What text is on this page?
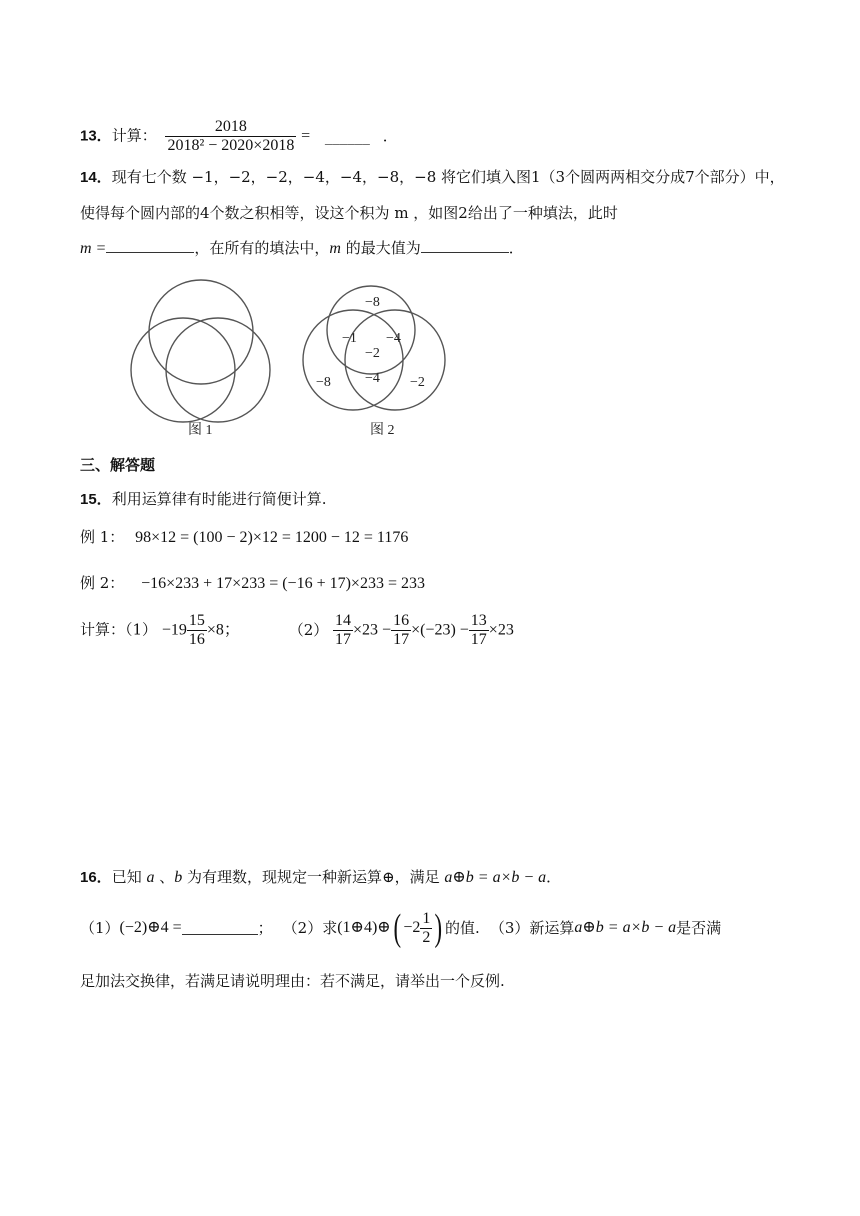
13．计算： $\frac{2018}{\text{2018² − 2020×2018}}$ = ______ ．
14．现有七个数 −1，−2，−2，−4，−4，−8，−8 将它们填入图1（3个圆两两相交分成7个部分）中，
使得每个圆内部的4个数之积相等，设这个积为 m ，如图2给出了一种填法，此时
m =	，在所有的填法中，m 的最大值为	．
图 1
−8
−1 −4
−2
−4
−8	−2
图 2
三、解答题
15．利用运算律有时能进行简便计算.
例 1： 98×12 = (100 − 2)×12 = 1200 − 12 = 1176
例 2： −16×233 + 17×233 = (−16 + 17)×233 = 233
计算：$(1) -19 \frac{15}{16} \times 8$；	$(2) \frac{14}{17} \times 23 - \frac{16}{17} \times(-23) - \frac{13}{17} \times 23$
16．已知 a 、b 为有理数，现规定一种新运算⊕，满足 a⊕b = a×b − a．
（1） (−2)⊕4 =	； （2）求 (1⊕4)⊕ ( $-2 \frac{1}{2}$ ) 的值. （3）新运算 a⊕b = a×b − a 是否满
足加法交换律，若满足请说明理由：若不满足，请举出一个反例.
